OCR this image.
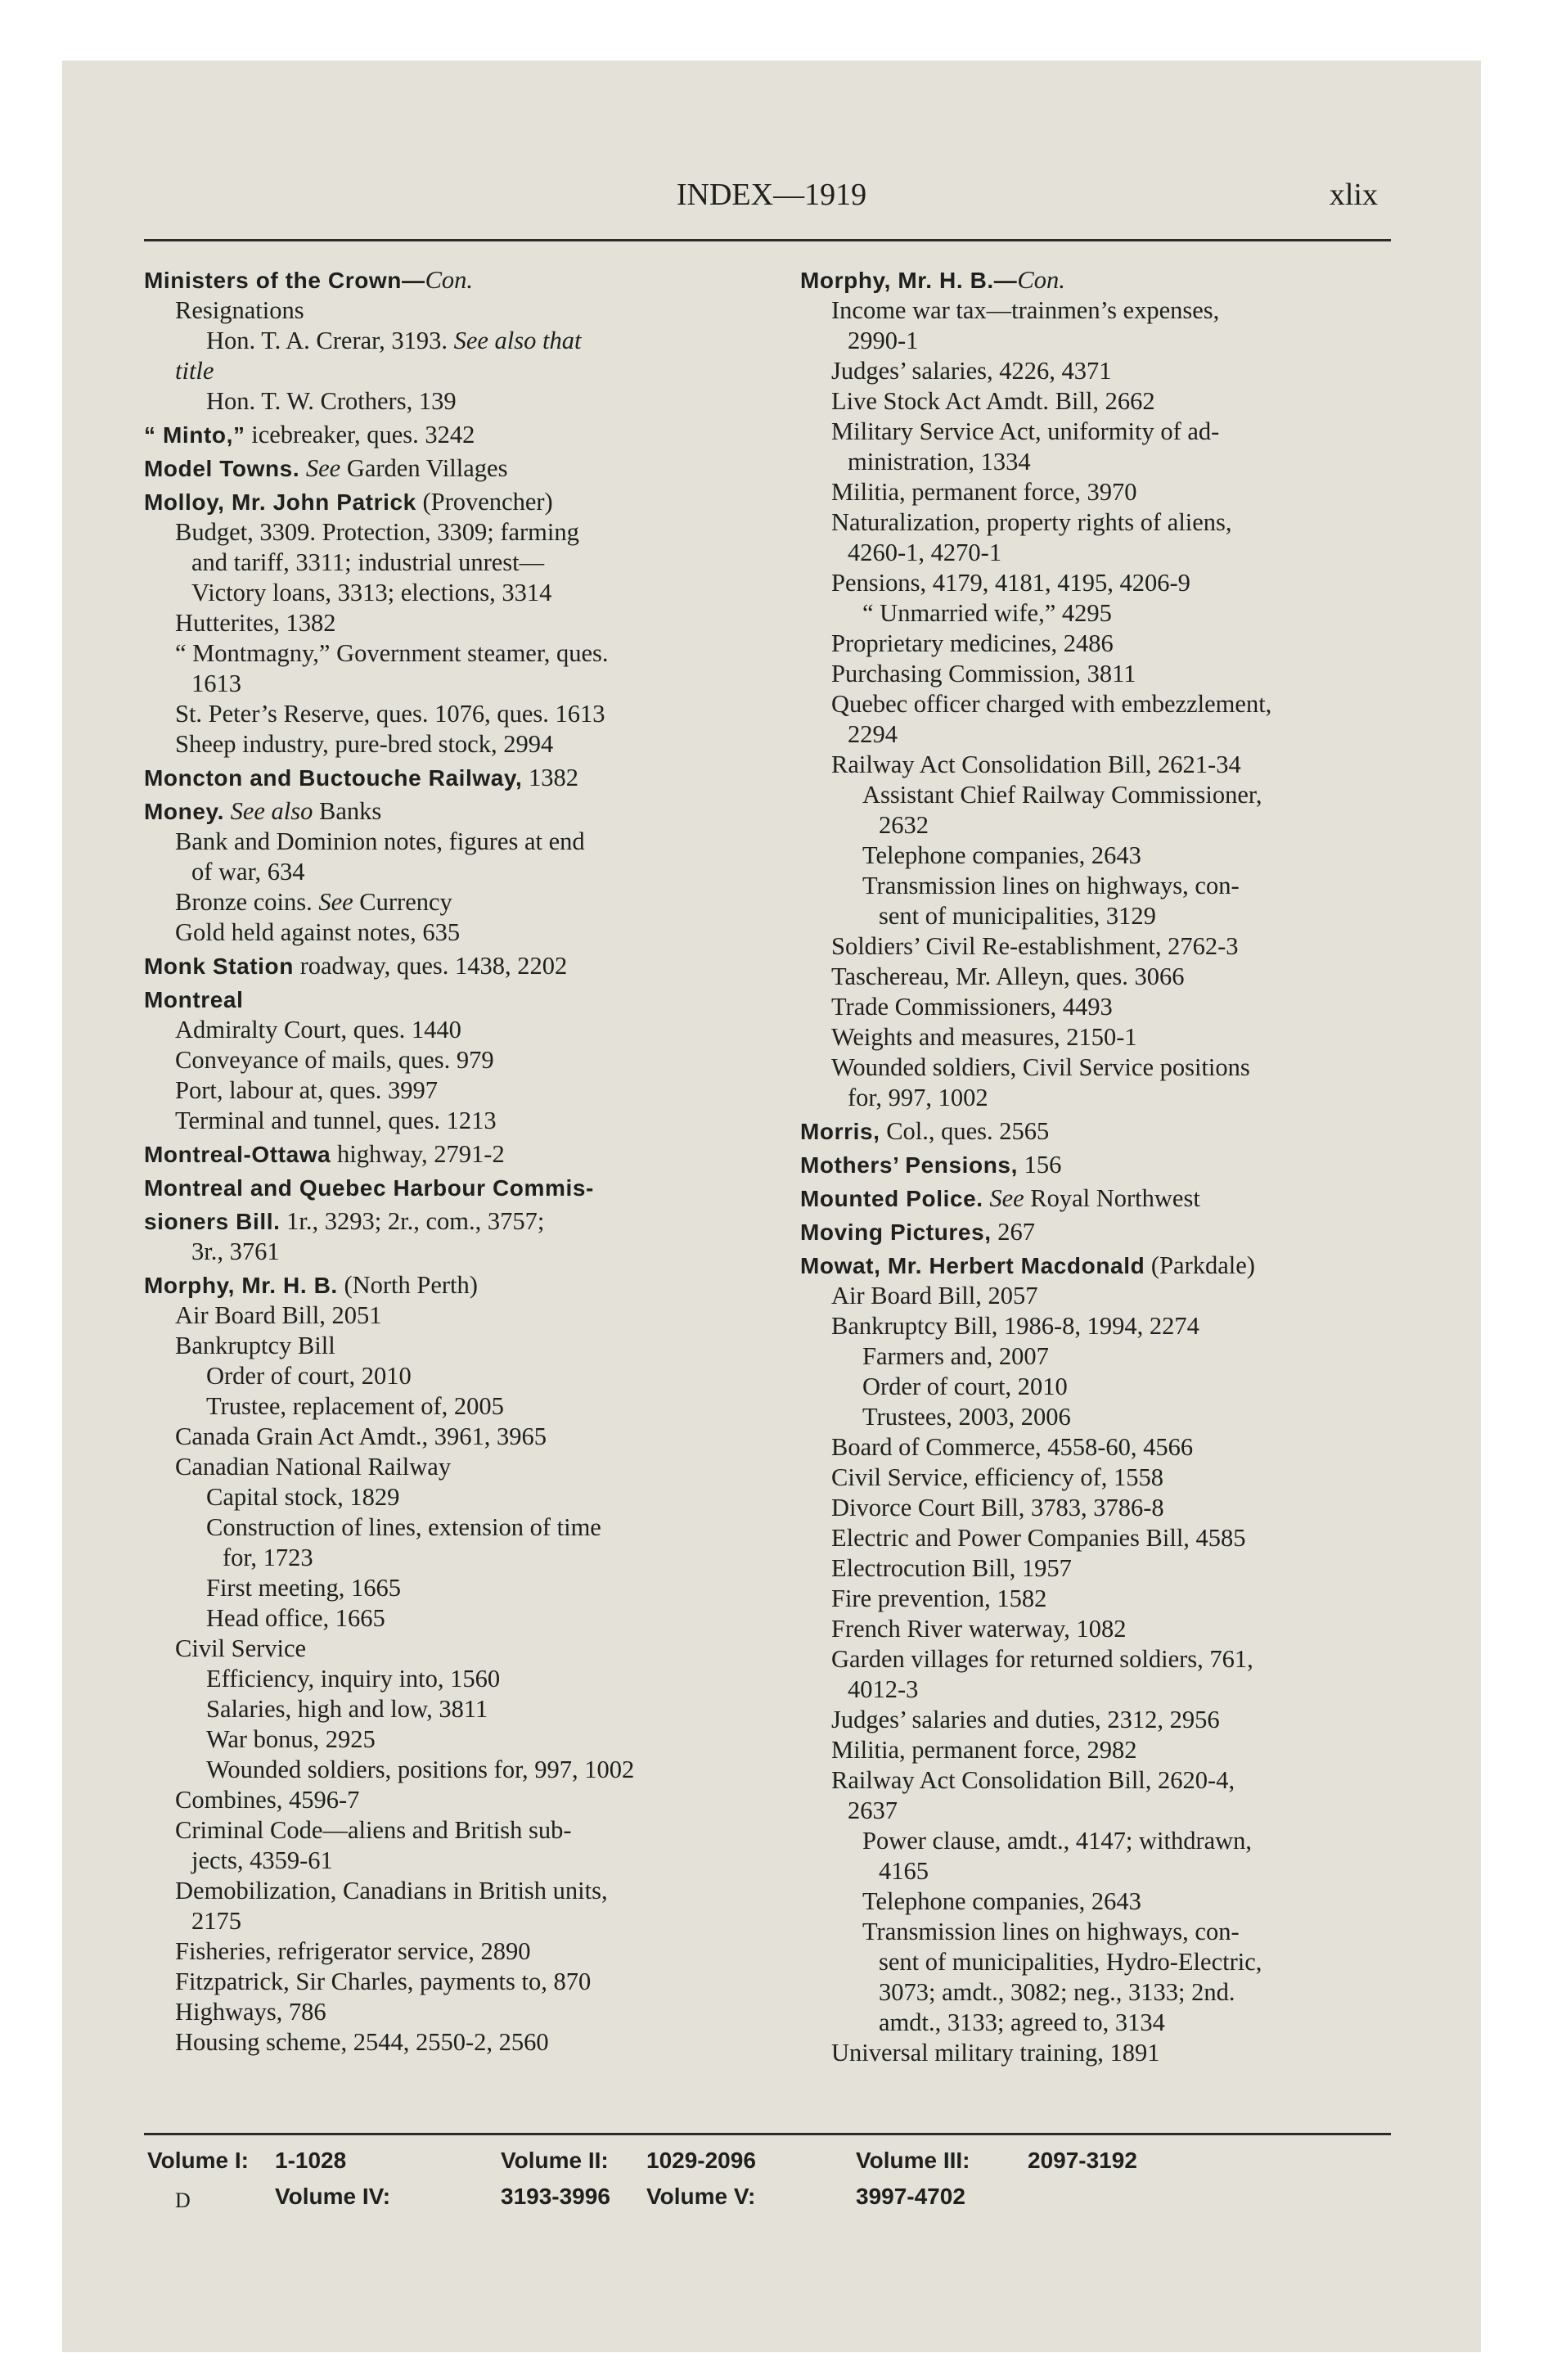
INDEX—1919	xlix
Ministers of the Crown—Con.
Resignations
Hon. T. A. Crerar, 3193. See also that
title
Hon. T. W. Crothers, 139
“ Minto,” icebreaker, ques. 3242
Model Towns. See Garden Villages
Molloy, Mr. John Patrick (Provencher)
Budget, 3309. Protection, 3309; farming
and tariff, 3311; industrial unrest—
Victory loans, 3313; elections, 3314
Hutterites, 1382
“ Montmagny,” Government steamer, ques.
1613
St. Peter’s Reserve, ques. 1076, ques. 1613
Sheep industry, pure-bred stock, 2994
Moncton and Buctouche Railway, 1382
Money. See also Banks
Bank and Dominion notes, figures at end
of war, 634
Bronze coins. See Currency
Gold held against notes, 635
Monk Station roadway, ques. 1438, 2202
Montreal
Admiralty Court, ques. 1440
Conveyance of mails, ques. 979
Port, labour at, ques. 3997
Terminal and tunnel, ques. 1213
Montreal-Ottawa highway, 2791-2
Montreal and Quebec Harbour Commis-
sioners Bill. 1r., 3293; 2r., com., 3757;
3r., 3761
Morphy, Mr. H. B. (North Perth)
Air Board Bill, 2051
Bankruptcy Bill
Order of court, 2010
Trustee, replacement of, 2005
Canada Grain Act Amdt., 3961, 3965
Canadian National Railway
Capital stock, 1829
Construction of lines, extension of time
for, 1723
First meeting, 1665
Head office, 1665
Civil Service
Efficiency, inquiry into, 1560
Salaries, high and low, 3811
War bonus, 2925
Wounded soldiers, positions for, 997, 1002
Combines, 4596-7
Criminal Code—aliens and British sub-
jects, 4359-61
Demobilization, Canadians in British units,
2175
Fisheries, refrigerator service, 2890
Fitzpatrick, Sir Charles, payments to, 870
Highways, 786
Housing scheme, 2544, 2550-2, 2560
Morphy, Mr. H. B.—Con.
Income war tax—trainmen’s expenses,
2990-1
Judges’ salaries, 4226, 4371
Live Stock Act Amdt. Bill, 2662
Military Service Act, uniformity of ad-
ministration, 1334
Militia, permanent force, 3970
Naturalization, property rights of aliens,
4260-1, 4270-1
Pensions, 4179, 4181, 4195, 4206-9
“ Unmarried wife,” 4295
Proprietary medicines, 2486
Purchasing Commission, 3811
Quebec officer charged with embezzlement,
2294
Railway Act Consolidation Bill, 2621-34
Assistant Chief Railway Commissioner,
2632
Telephone companies, 2643
Transmission lines on highways, con-
sent of municipalities, 3129
Soldiers’ Civil Re-establishment, 2762-3
Taschereau, Mr. Alleyn, ques. 3066
Trade Commissioners, 4493
Weights and measures, 2150-1
Wounded soldiers, Civil Service positions
for, 997, 1002
Morris, Col., ques. 2565
Mothers’ Pensions, 156
Mounted Police. See Royal Northwest
Moving Pictures, 267
Mowat, Mr. Herbert Macdonald (Parkdale)
Air Board Bill, 2057
Bankruptcy Bill, 1986-8, 1994, 2274
Farmers and, 2007
Order of court, 2010
Trustees, 2003, 2006
Board of Commerce, 4558-60, 4566
Civil Service, efficiency of, 1558
Divorce Court Bill, 3783, 3786-8
Electric and Power Companies Bill, 4585
Electrocution Bill, 1957
Fire prevention, 1582
French River waterway, 1082
Garden villages for returned soldiers, 761,
4012-3
Judges’ salaries and duties, 2312, 2956
Militia, permanent force, 2982
Railway Act Consolidation Bill, 2620-4,
2637
Power clause, amdt., 4147; withdrawn,
4165
Telephone companies, 2643
Transmission lines on highways, con-
sent of municipalities, Hydro-Electric,
3073; amdt., 3082; neg., 3133; 2nd.
amdt., 3133; agreed to, 3134
Universal military training, 1891
Volume I: 1-1028	Volume II: 1029-2096	Volume III:	2097-3192
D	Volume IV:	3193-3996 Volume V:	3997-4702
